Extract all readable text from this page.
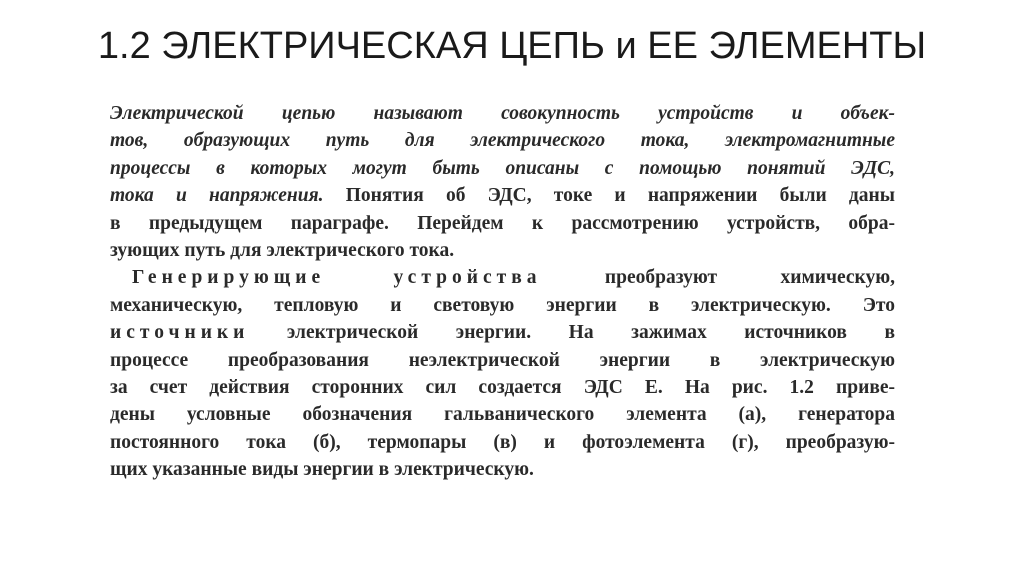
1.2 ЭЛЕКТРИЧЕСКАЯ ЦЕПЬ и ЕЕ ЭЛЕМЕНТЫ
Электрической цепью называют совокупность устройств и объек-
тов, образующих путь для электрического тока, электромагнитные
процессы в которых могут быть описаны с помощью понятий ЭДС,
тока и напряжения. Понятия об ЭДС, токе и напряжении были даны
в предыдущем параграфе. Перейдем к рассмотрению устройств, обра-
зующих путь для электрического тока.
Генерирующие устройства преобразуют химическую,
механическую, тепловую и световую энергии в электрическую. Это
источники электрической энергии. На зажимах источников в
процессе преобразования неэлектрической энергии в электрическую
за счет действия сторонних сил создается ЭДС Е. На рис. 1.2 приве-
дены условные обозначения гальванического элемента (а), генератора
постоянного тока (б), термопары (в) и фотоэлемента (г), преобразую-
щих указанные виды энергии в электрическую.
